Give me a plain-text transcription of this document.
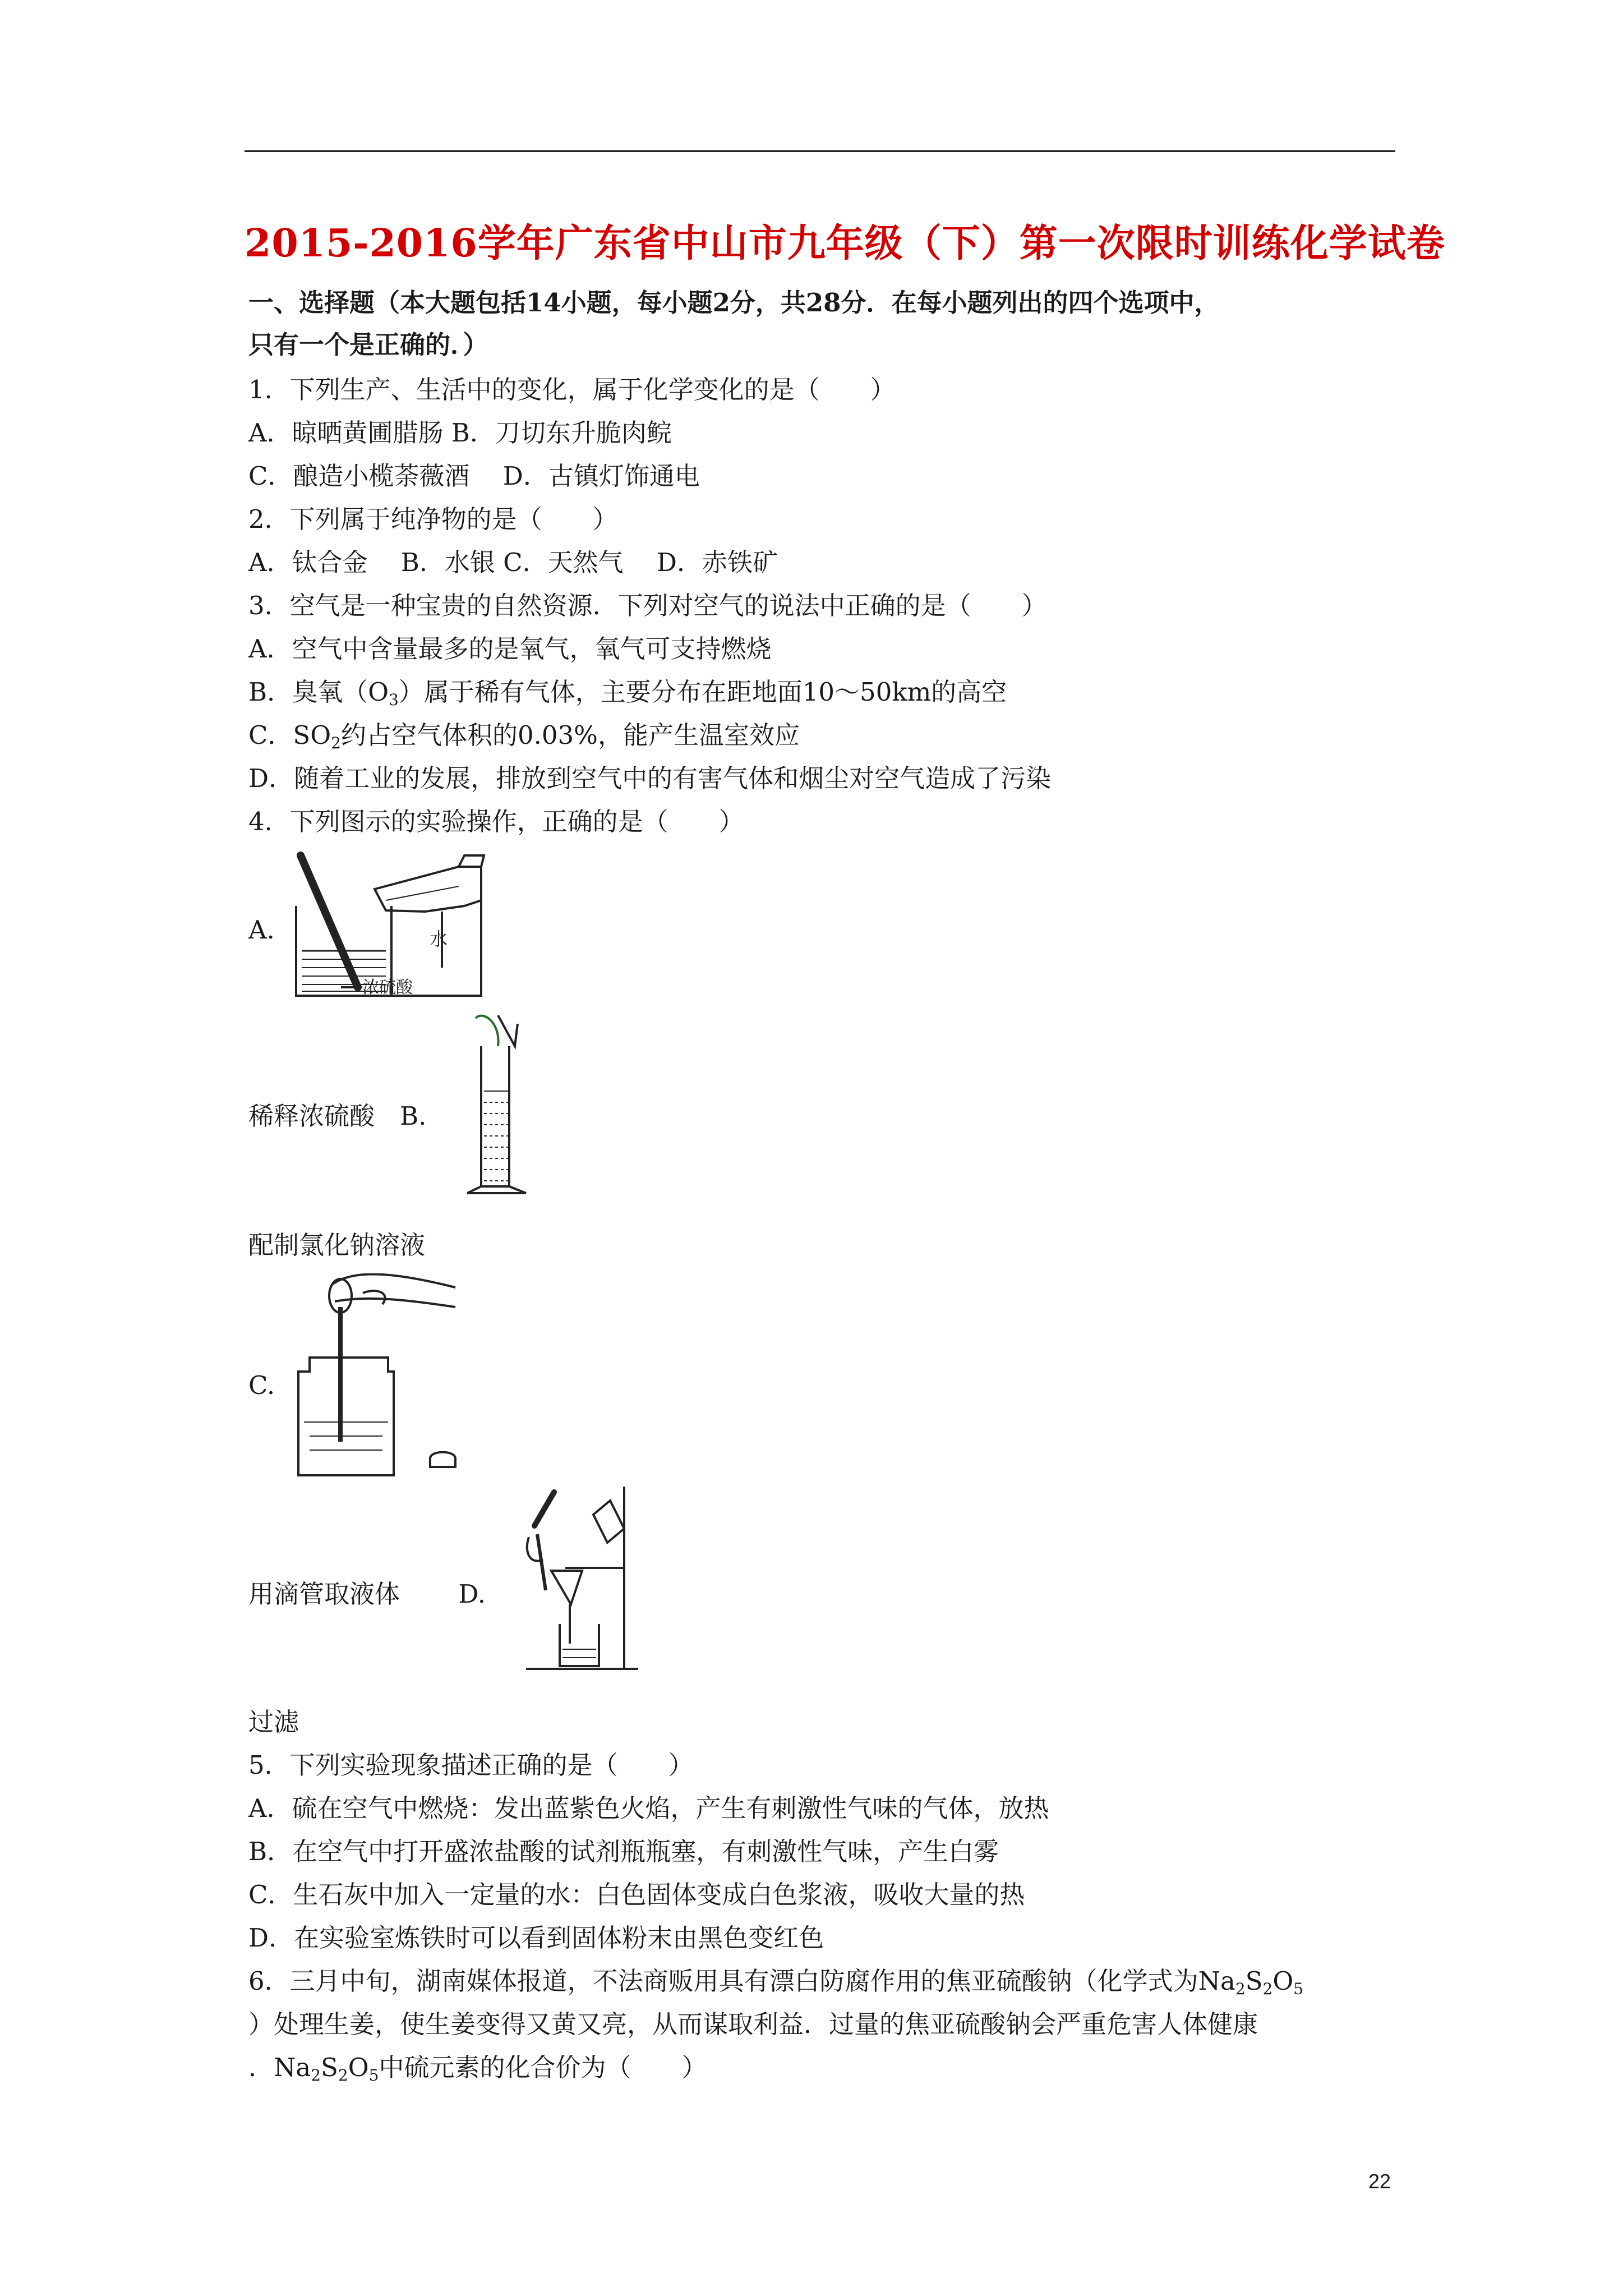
2015-2016学年广东省中山市九年级（下）第一次限时训练化学试卷
一、选择题（本大题包括14小题，每小题2分，共28分．在每小题列出的四个选项中，
只有一个是正确的．）
1．下列生产、生活中的变化，属于化学变化的是（　　）
A．晾晒黄圃腊肠 B．刀切东升脆肉鲩
C．酿造小榄荼薇酒　 D．古镇灯饰通电
2．下列属于纯净物的是（　　）
A．钛合金　 B．水银 C．天然气　 D．赤铁矿
3．空气是一种宝贵的自然资源．下列对空气的说法中正确的是（　　）
A．空气中含量最多的是氧气，氧气可支持燃烧
B．臭氧$(O_3)$属于稀有气体，主要分布在距地面10～50km的高空
C．$SO_2$约占空气体积的0.03%，能产生温室效应
D．随着工业的发展，排放到空气中的有害气体和烟尘对空气造成了污染
4．下列图示的实验操作，正确的是（　　）
A.	水
浓硫酸
稀释浓硫酸　 B.
配制氯化钠溶液
C.
用滴管取液体　　 D.
过滤
5．下列实验现象描述正确的是（　　）
A．硫在空气中燃烧：发出蓝紫色火焰，产生有刺激性气味的气体，放热
B．在空气中打开盛浓盐酸的试剂瓶瓶塞，有刺激性气味，产生白雾
C．生石灰中加入一定量的水：白色固体变成白色浆液，吸收大量的热
D．在实验室炼铁时可以看到固体粉末由黑色变红色
6．三月中旬，湖南媒体报道，不法商贩用具有漂白防腐作用的焦亚硫酸钠（化学式为$Na_2S_2O_5$
）处理生姜，使生姜变得又黄又亮，从而谋取利益．过量的焦亚硫酸钠会严重危害人体健康
．$Na_2S_2O_5$中硫元素的化合价为（　　）
22
